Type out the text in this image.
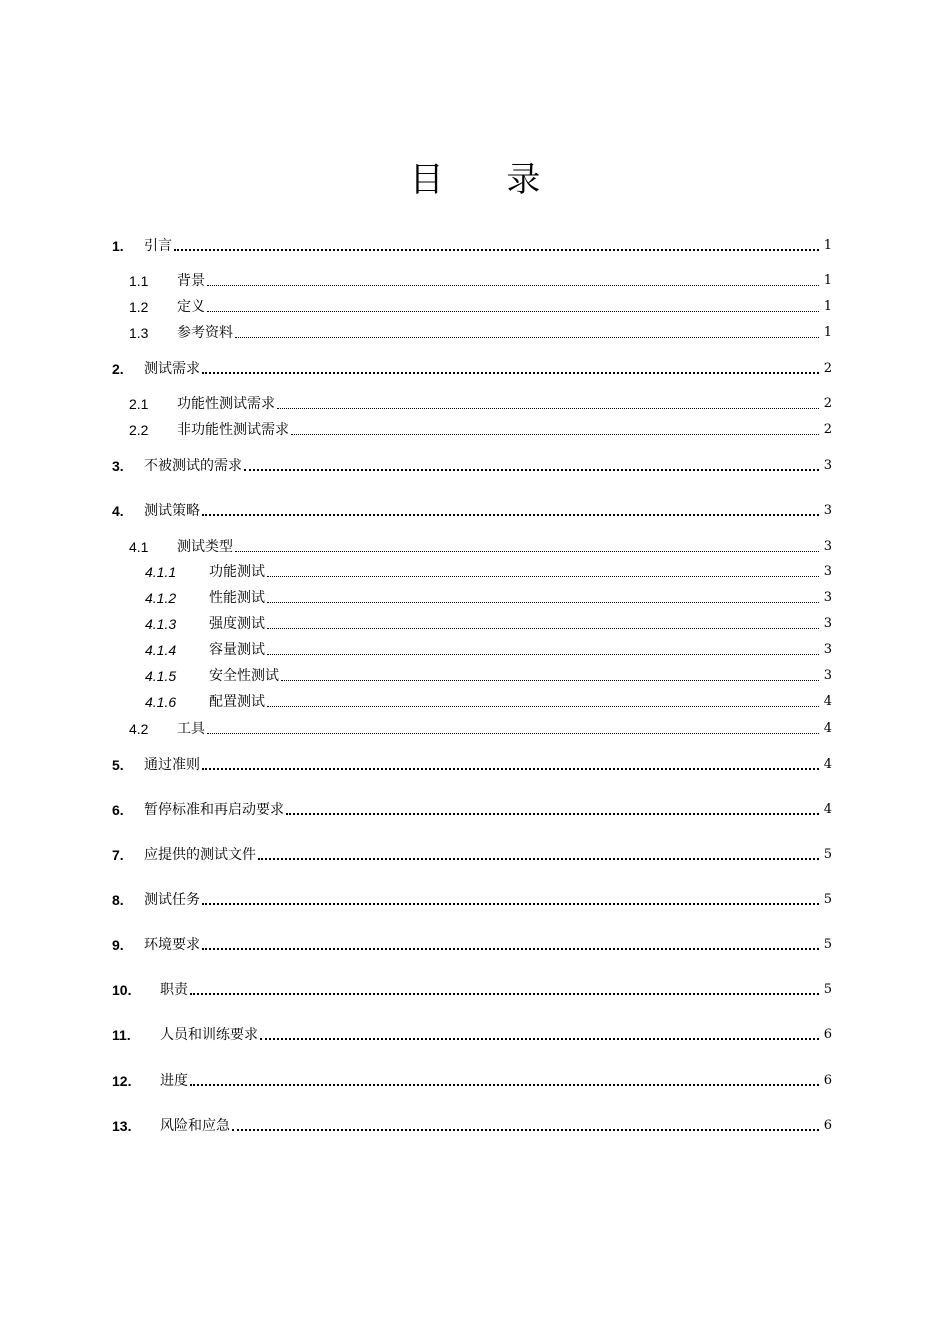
目 录
1.	引言	1
1.1	背景	1
1.2	定义	1
1.3	参考资料	1
2.	测试需求	2
2.1	功能性测试需求	2
2.2	非功能性测试需求	2
3.	不被测试的需求	3
4.	测试策略	3
4.1	测试类型	3
4.1.1	功能测试	3
4.1.2	性能测试	3
4.1.3	强度测试	3
4.1.4	容量测试	3
4.1.5	安全性测试	3
4.1.6	配置测试	4
4.2	工具	4
5.	通过准则	4
6.	暂停标准和再启动要求	4
7.	应提供的测试文件	5
8.	测试任务	5
9.	环境要求	5
10.	职责	5
11.	人员和训练要求	6
12.	进度	6
13.	风险和应急	6
